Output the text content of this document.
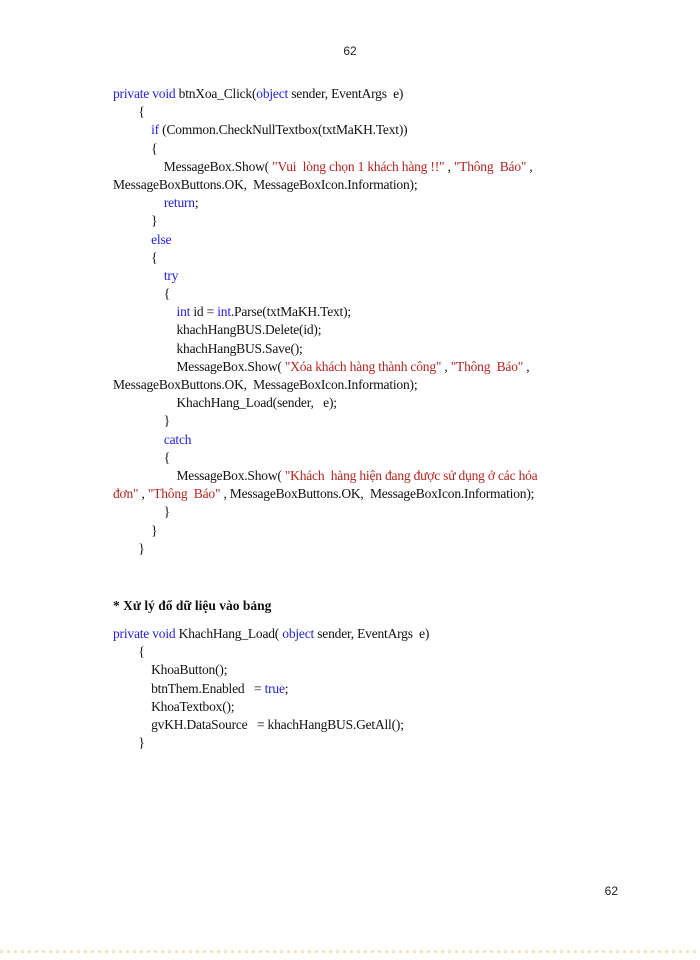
62
private void btnXoa_Click(object sender, EventArgs  e)
{
if (Common.CheckNullTextbox(txtMaKH.Text))
{
MessageBox.Show( "Vui  lòng chọn 1 khách hàng !!" , "Thông  Báo" ,
MessageBoxButtons.OK,  MessageBoxIcon.Information);
return;
}
else
{
try
{
int id = int.Parse(txtMaKH.Text);
khachHangBUS.Delete(id);
khachHangBUS.Save();
MessageBox.Show( "Xóa khách hàng thành công" , "Thông  Báo" ,
MessageBoxButtons.OK,  MessageBoxIcon.Information);
KhachHang_Load(sender,   e);
}
catch
{
MessageBox.Show( "Khách  hàng hiện đang được sử dụng ở các hóa
đơn" , "Thông  Báo" , MessageBoxButtons.OK,  MessageBoxIcon.Information);
}
}
}
* Xử lý đổ dữ liệu vào bảng
private void KhachHang_Load( object sender, EventArgs  e)
{
KhoaButton();
btnThem.Enabled   = true;
KhoaTextbox();
gvKH.DataSource   = khachHangBUS.GetAll();
}
62
